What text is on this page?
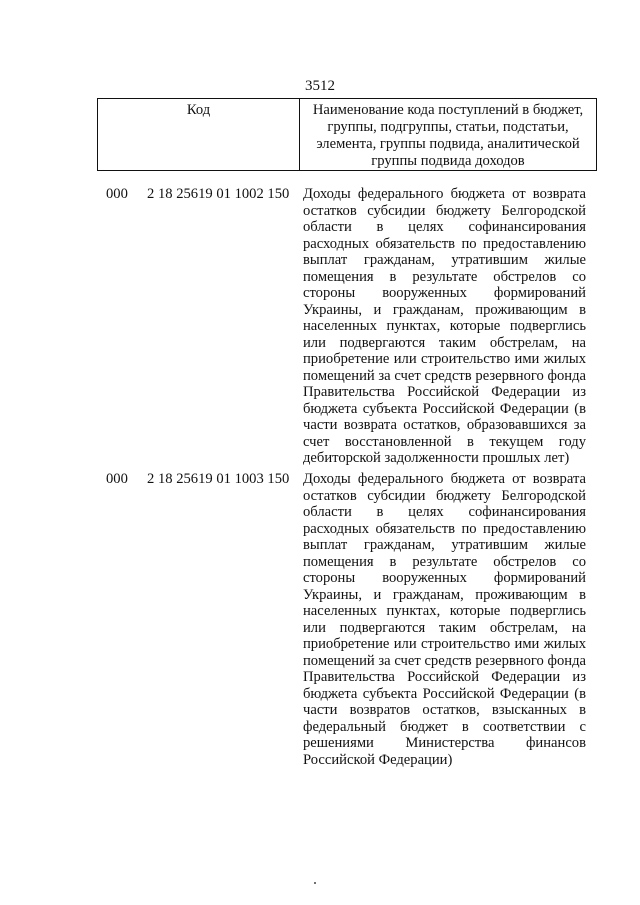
3512
Код	Наименование кода поступлений в бюджет, группы, подгруппы, статьи, подстатьи, элемента, группы подвида, аналитической группы подвида доходов
000 2 18 25619 01 1002 150 Доходы федерального бюджета от возврата остатков субсидии бюджету Белгородской области в целях софинансирования расходных обязательств по предоставлению выплат гражданам, утратившим жилые помещения в результате обстрелов со стороны вооруженных формирований Украины, и гражданам, проживающим в населенных пунктах, которые подверглись или подвергаются таким обстрелам, на приобретение или строительство ими жилых помещений за счет средств резервного фонда Правительства Российской Федерации из бюджета субъекта Российской Федерации (в части возврата остатков, образовавшихся за счет восстановленной в текущем году дебиторской задолженности прошлых лет)
000 2 18 25619 01 1003 150 Доходы федерального бюджета от возврата остатков субсидии бюджету Белгородской области в целях софинансирования расходных обязательств по предоставлению выплат гражданам, утратившим жилые помещения в результате обстрелов со стороны вооруженных формирований Украины, и гражданам, проживающим в населенных пунктах, которые подверглись или подвергаются таким обстрелам, на приобретение или строительство ими жилых помещений за счет средств резервного фонда Правительства Российской Федерации из бюджета субъекта Российской Федерации (в части возвратов остатков, взысканных в федеральный бюджет в соответствии с решениями Министерства финансов Российской Федерации)
